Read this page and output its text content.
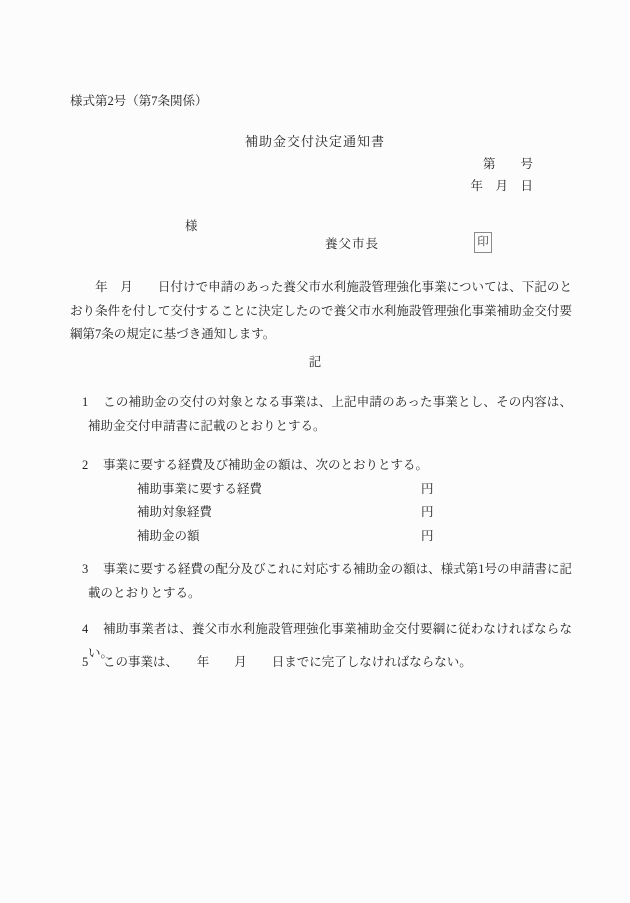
様式第2号（第7条関係）
補助金交付決定通知書
第　　号
年　月　日
様
養父市長	印
　　年　月　　日付けで申請のあった養父市水利施設管理強化事業については、下記のとおり条件を付して交付することに決定したので養父市水利施設管理強化事業補助金交付要綱第7条の規定に基づき通知します。
記
1 この補助金の交付の対象となる事業は、上記申請のあった事業とし、その内容は、補助金交付申請書に記載のとおりとする。
2 事業に要する経費及び補助金の額は、次のとおりとする。
補助事業に要する経費	円
補助対象経費	円
補助金の額	円
3 事業に要する経費の配分及びこれに対応する補助金の額は、様式第1号の申請書に記載のとおりとする。
4 補助事業者は、養父市水利施設管理強化事業補助金交付要綱に従わなければならない。
5 この事業は、　　年　　月　　日までに完了しなければならない。
